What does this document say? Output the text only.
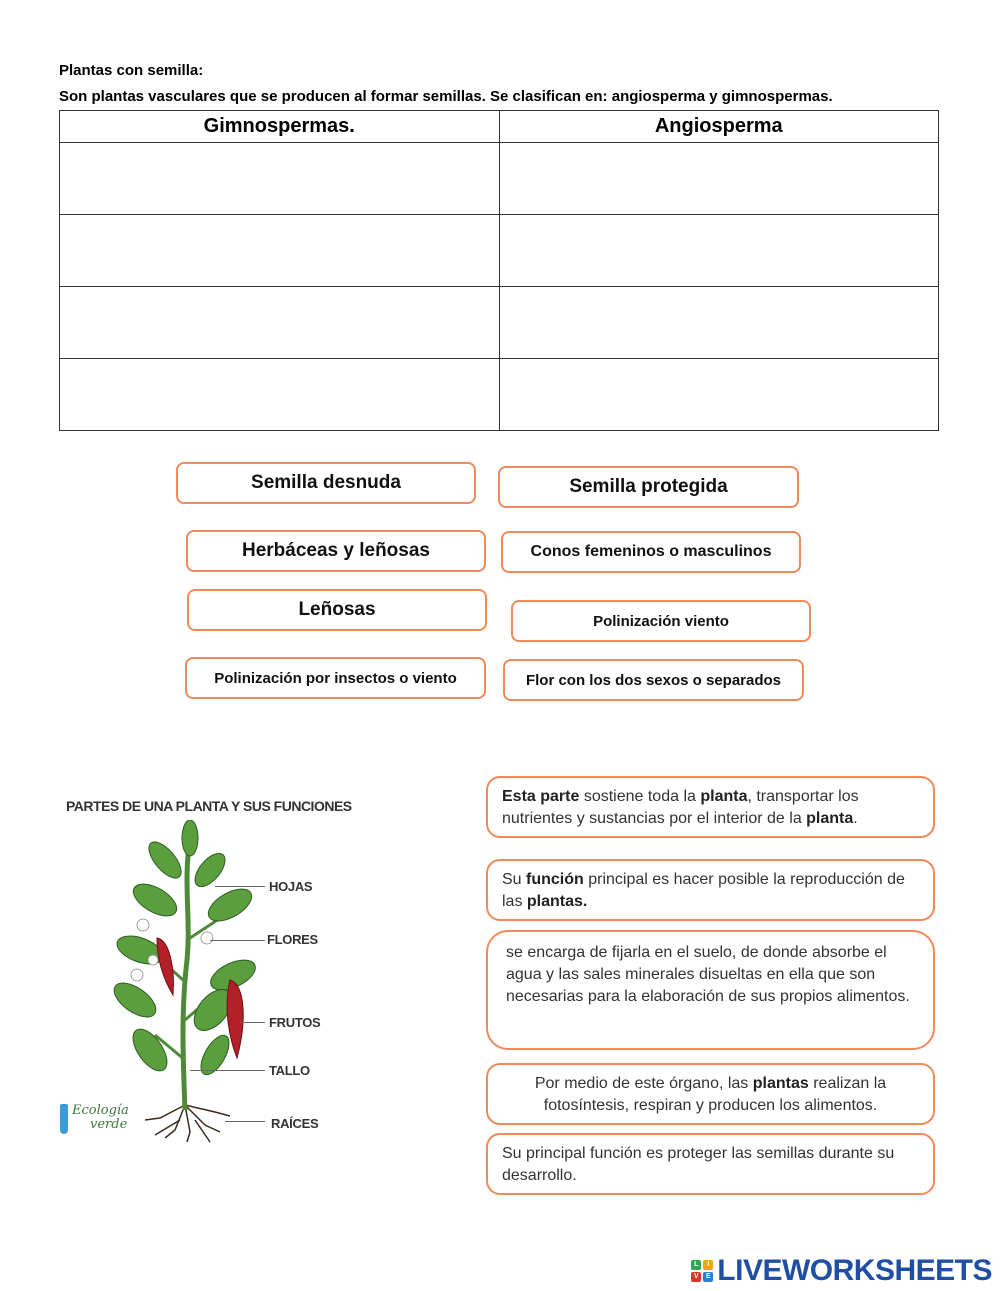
Plantas con semilla:
Son plantas vasculares que se producen al formar semillas. Se clasifican en: angiosperma y gimnospermas.
Gimnospermas.	Angiosperma

Semilla desnuda	Semilla protegida
Herbáceas y leñosas	Conos femeninos o masculinos
Leñosas
Polinización viento
Polinización por insectos o viento	Flor con los dos sexos o separados
PARTES DE UNA PLANTA Y SUS FUNCIONES
HOJAS
FLORES
FRUTOS
TALLO
RAÍCES
Ecología
verde
Esta parte sostiene toda la planta, transportar los nutrientes y sustancias por el interior de la planta.
Su función principal es hacer posible la reproducción de las plantas.
se encarga de fijarla en el suelo, de donde absorbe el agua y las sales minerales disueltas en ella que son necesarias para la elaboración de sus propios alimentos.
Por medio de este órgano, las plantas realizan la fotosíntesis, respiran y producen los alimentos.
Su principal función es proteger las semillas durante su desarrollo.
L	I
V	E LIVEWORKSHEETS
